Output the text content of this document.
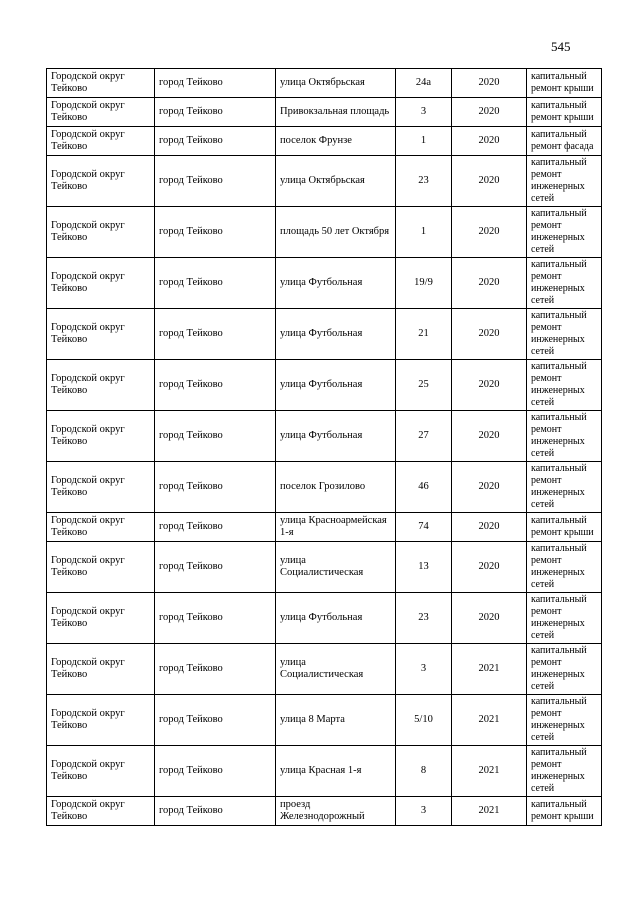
545
Городской округ Тейково	город Тейково	улица Октябрьская	24а	2020	капитальный ремонт крыши
Городской округ Тейково	город Тейково	Привокзальная площадь	3	2020	капитальный ремонт крыши
Городской округ Тейково	город Тейково	поселок Фрунзе	1	2020	капитальный ремонт фасада
Городской округ Тейково	город Тейково	улица Октябрьская	23	2020	капитальный ремонт инженерных сетей
Городской округ Тейково	город Тейково	площадь 50 лет Октября	1	2020	капитальный ремонт инженерных сетей
Городской округ Тейково	город Тейково	улица Футбольная	19/9	2020	капитальный ремонт инженерных сетей
Городской округ Тейково	город Тейково	улица Футбольная	21	2020	капитальный ремонт инженерных сетей
Городской округ Тейково	город Тейково	улица Футбольная	25	2020	капитальный ремонт инженерных сетей
Городской округ Тейково	город Тейково	улица Футбольная	27	2020	капитальный ремонт инженерных сетей
Городской округ Тейково	город Тейково	поселок Грозилово	46	2020	капитальный ремонт инженерных сетей
Городской округ Тейково	город Тейково	улица Красноармейская 1-я	74	2020	капитальный ремонт крыши
Городской округ Тейково	город Тейково	улица Социалистическая	13	2020	капитальный ремонт инженерных сетей
Городской округ Тейково	город Тейково	улица Футбольная	23	2020	капитальный ремонт инженерных сетей
Городской округ Тейково	город Тейково	улица Социалистическая	3	2021	капитальный ремонт инженерных сетей
Городской округ Тейково	город Тейково	улица 8 Марта	5/10	2021	капитальный ремонт инженерных сетей
Городской округ Тейково	город Тейково	улица Красная 1-я	8	2021	капитальный ремонт инженерных сетей
Городской округ Тейково	город Тейково	проезд Железнодорожный	3	2021	капитальный ремонт крыши
